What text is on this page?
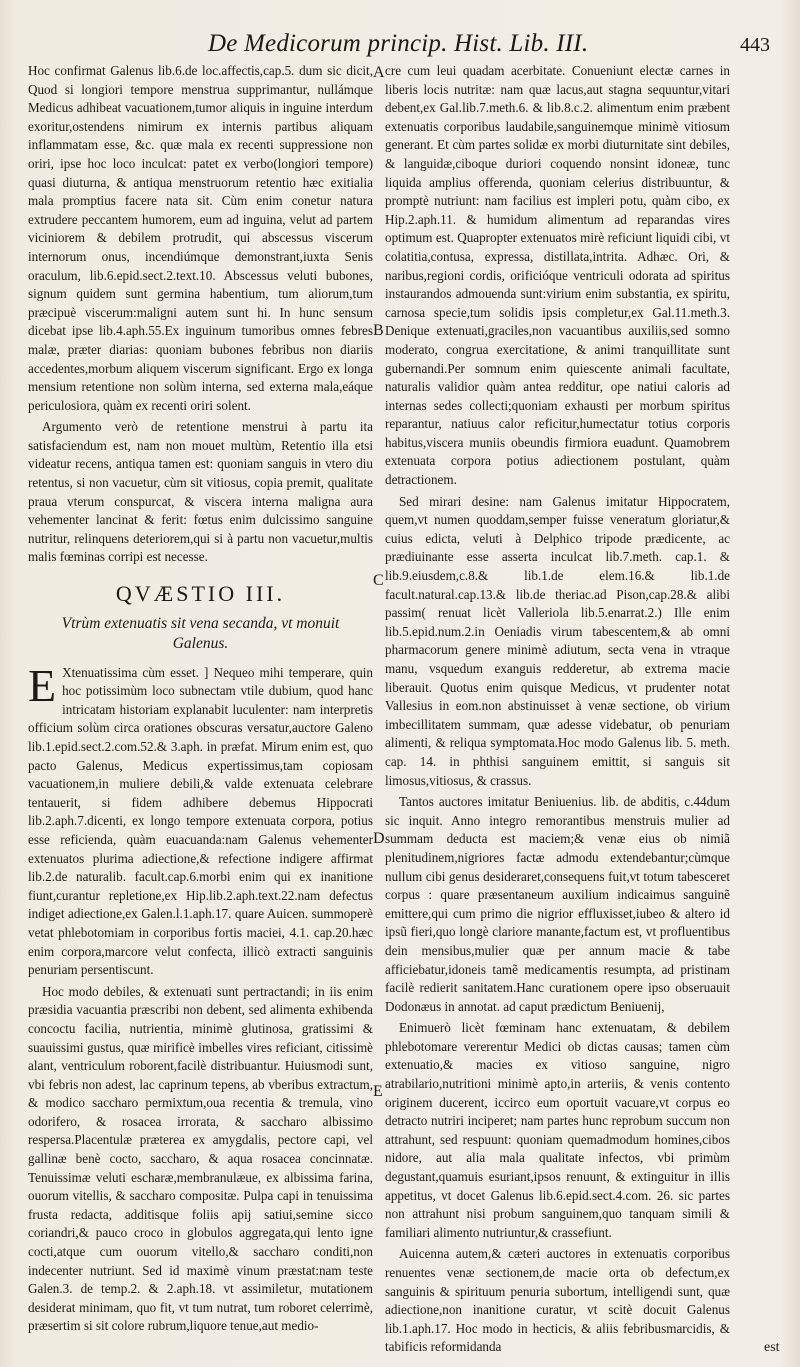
De Medicorum princip. Hist. Lib. III.	443

Hoc confirmat Galenus lib.6.de loc.affectis,cap.5. dum sic dicit, Quod si longiori tempore menstrua supprimantur, nullámque Medicus adhibeat vacuationem,tumor aliquis in inguine interdum exoritur,ostendens nimirum ex internis partibus aliquam inflammatam esse, &c. quæ mala ex recenti suppressione non oriri, ipse hoc loco inculcat: patet ex verbo(longiori tempore) quasi diuturna, & antiqua menstruorum retentio hæc exitialia mala promptius facere nata sit. Cùm enim conetur natura extrudere peccantem humorem, eum ad inguina, velut ad partem viciniorem & debilem protrudit, qui abscessus viscerum internorum onus, incendiúmque demonstrant,iuxta Senis oraculum, lib.6.epid.sect.2.text.10. Abscessus veluti bubones, signum quidem sunt germina habentium, tum aliorum,tum præcipuè viscerum:maligni autem sunt hi. In hunc sensum dicebat ipse lib.4.aph.55.Ex inguinum tumoribus omnes febres malæ, præter diarias: quoniam bubones febribus non diariis accedentes,morbum aliquem viscerum significant. Ergo ex longa mensium retentione non solùm interna, sed externa mala,eáque periculosiora, quàm ex recenti oriri solent.

Argumento verò de retentione menstrui à partu ita satisfaciendum est, nam non mouet multùm, Retentio illa etsi videatur recens, antiqua tamen est: quoniam sanguis in vtero diu retentus, si non vacuetur, cùm sit vitiosus, copia premit, qualitate praua vterum conspurcat, & viscera interna maligna aura vehementer lancinat & ferit: fœtus enim dulcissimo sanguine nutritur, relinquens deteriorem,qui si à partu non vacuetur,multis malis fœminas corripi est necesse.

QVÆSTIO III.
Vtrùm extenuatis sit vena secanda, vt monuit Galenus.

E Xtenuatissima cùm esset. ] Nequeo mihi temperare, quin hoc potissimùm loco subnectam vtile dubium, quod hanc intricatam historiam explanabit luculenter: nam interpretis officium solùm circa orationes obscuras versatur,auctore Galeno lib.1.epid.sect.2.com.52.& 3.aph. in præfat. Mirum enim est, quo pacto Galenus, Medicus expertissimus,tam copiosam vacuationem,in muliere debili,& valde extenuata celebrare tentauerit, si fidem adhibere debemus Hippocrati lib.2.aph.7.dicenti, ex longo tempore extenuata corpora, potius esse reficienda, quàm euacuanda:nam Galenus vehementer extenuatos plurima adiectione,& refectione indigere affirmat lib.2.de naturalib. facult.cap.6.morbi enim qui ex inanitione fiunt,curantur repletione,ex Hip.lib.2.aph.text.22.nam defectus indiget adiectione,ex Galen.l.1.aph.17. quare Auicen. summoperè vetat phlebotomiam in corporibus fortis maciei, 4.1. cap.20.hæc enim corpora,marcore velut confecta, illicò extracti sanguinis penuriam persentiscunt.

Hoc modo debiles, & extenuati sunt pertractandi; in iis enim præsidia vacuantia præscribi non debent, sed alimenta exhibenda concoctu facilia, nutrientia, minimè glutinosa, gratissimi & suauissimi gustus, quæ mirificè imbelles vires reficiant, citissimè alant, ventriculum roborent,facilè distribuantur. Huiusmodi sunt, vbi febris non adest, lac caprinum tepens, ab vberibus extractum, & modico saccharo permixtum,oua recentia & tremula, vino odorifero, & rosacea irrorata, & saccharo albissimo respersa.Placentulæ præterea ex amygdalis, pectore capi, vel gallinæ benè cocto, saccharo, & aqua rosacea concinnatæ. Tenuissimæ veluti escharæ,membranulæue, ex albissima farina, ouorum vitellis, & saccharo compositæ. Pulpa capi in tenuissima frusta redacta, additisque foliis apij satiui,semine sicco coriandri,& pauco croco in globulos aggregata,qui lento igne cocti,atque cum ouorum vitello,& saccharo conditi,non indecenter nutriunt. Sed id maximè vinum præstat:nam teste Galen.3. de temp.2. & 2.aph.18. vt assimiletur, mutationem desiderat minimam, quo fit, vt tum nutrat, tum roboret celerrimè, præsertim si sit colore rubrum,liquore tenue,aut medio-

A
B
C
D
E

cre cum leui quadam acerbitate. Conueniunt electæ carnes in liberis locis nutritæ: nam quæ lacus,aut stagna sequuntur,vitari debent,ex Gal.lib.7.meth.6. & lib.8.c.2. alimentum enim præbent extenuatis corporibus laudabile,sanguinemque minimè vitiosum generant. Et cùm partes solidæ ex morbi diuturnitate sint debiles, & languidæ,ciboque duriori coquendo nonsint idoneæ, tunc liquida amplius offerenda, quoniam celerius distribuuntur, & promptè nutriunt: nam facilius est impleri potu, quàm cibo, ex Hip.2.aph.11. & humidum alimentum ad reparandas vires optimum est. Quapropter extenuatos mirè reficiunt liquidi cibi, vt colatitia,contusa, expressa, distillata,intrita. Adhæc. Ori, & naribus,regioni cordis, orificióque ventriculi odorata ad spiritus instaurandos admouenda sunt:virium enim substantia, ex spiritu, carnosa specie,tum solidis ipsis completur,ex Gal.11.meth.3. Denique extenuati,graciles,non vacuantibus auxiliis,sed somno moderato, congrua exercitatione, & animi tranquillitate sunt gubernandi.Per somnum enim quiescente animali facultate, naturalis validior quàm antea redditur, ope natiui caloris ad internas sedes collecti;quoniam exhausti per morbum spiritus reparantur, natiuus calor reficitur,humectatur totius corporis habitus,viscera muniis obeundis firmiora euadunt. Quamobrem extenuata corpora potius adiectionem postulant, quàm detractionem.

Sed mirari desine: nam Galenus imitatur Hippocratem, quem,vt numen quoddam,semper fuisse veneratum gloriatur,& cuius edicta, veluti à Delphico tripode prædicente, ac prædiuinante esse asserta inculcat lib.7.meth. cap.1. & lib.9.eiusdem,c.8.& lib.1.de elem.16.& lib.1.de facult.natural.cap.13.& lib.de theriac.ad Pison,cap.28.& alibi passim( renuat licèt Valleriola lib.5.enarrat.2.) Ille enim lib.5.epid.num.2.in Oeniadis virum tabescentem,& ab omni pharmacorum genere minimè adiutum, secta vena in vtraque manu, vsquedum exanguis redderetur, ab extrema macie liberauit. Quotus enim quisque Medicus, vt prudenter notat Vallesius in eom.non abstinuisset à venæ sectione, ob virium imbecillitatem summam, quæ adesse videbatur, ob penuriam alimenti, & reliqua symptomata.Hoc modo Galenus lib. 5. meth. cap. 14. in phthisi sanguinem emittit, si sanguis sit limosus,vitiosus, & crassus.

Tantos auctores imitatur Beniuenius. lib. de abditis, c.44dum sic inquit. Anno integro remorantibus menstruis mulier ad summam deducta est maciem;& venæ eius ob nimiã plenitudinem,nigriores factæ admodu extendebantur;cùmque nullum cibi genus desideraret,consequens fuit,vt totum tabesceret corpus : quare præsentaneum auxilium indicaimus sanguinẽ emittere,qui cum primo die nigrior effluxisset,iubeo & altero id ipsũ fieri,quo longè clariore manante,factum est, vt profluentibus dein mensibus,mulier quæ per annum macie & tabe afficiebatur,idoneis tamẽ medicamentis resumpta, ad pristinam facilè redierit sanitatem.Hanc curationem opere ipso obseruauit Dodonæus in annotat. ad caput prædictum Beniuenij,

Enimuerò licèt fœminam hanc extenuatam, & debilem phlebotomare vererentur Medici ob dictas causas; tamen cùm extenuatio,& macies ex vitioso sanguine, nigro atrabilario,nutritioni minimè apto,in arteriis, & venis contento originem ducerent, iccirco eum oportuit vacuare,vt corpus eo detracto nutriri inciperet; nam partes hunc reprobum succum non attrahunt, sed respuunt: quoniam quemadmodum homines,cibos nidore, aut alia mala qualitate infectos, vbi primùm degustant,quamuis esuriant,ipsos renuunt, & extinguitur in illis appetitus, vt docet Galenus lib.6.epid.sect.4.com. 26. sic partes non attrahunt nisi probum sanguinem,quo tanquam simili & familiari alimento nutriuntur,& crassefiunt.

Auicenna autem,& cæteri auctores in extenuatis corporibus renuentes venæ sectionem,de macie orta ob defectum,ex sanguinis & spirituum penuria subortum, intelligendi sunt, quæ adiectione,non inanitione curatur, vt scitè docuit Galenus lib.1.aph.17. Hoc modo in hecticis, & aliis febribusmarcidis, & tabificis reformidanda	est
